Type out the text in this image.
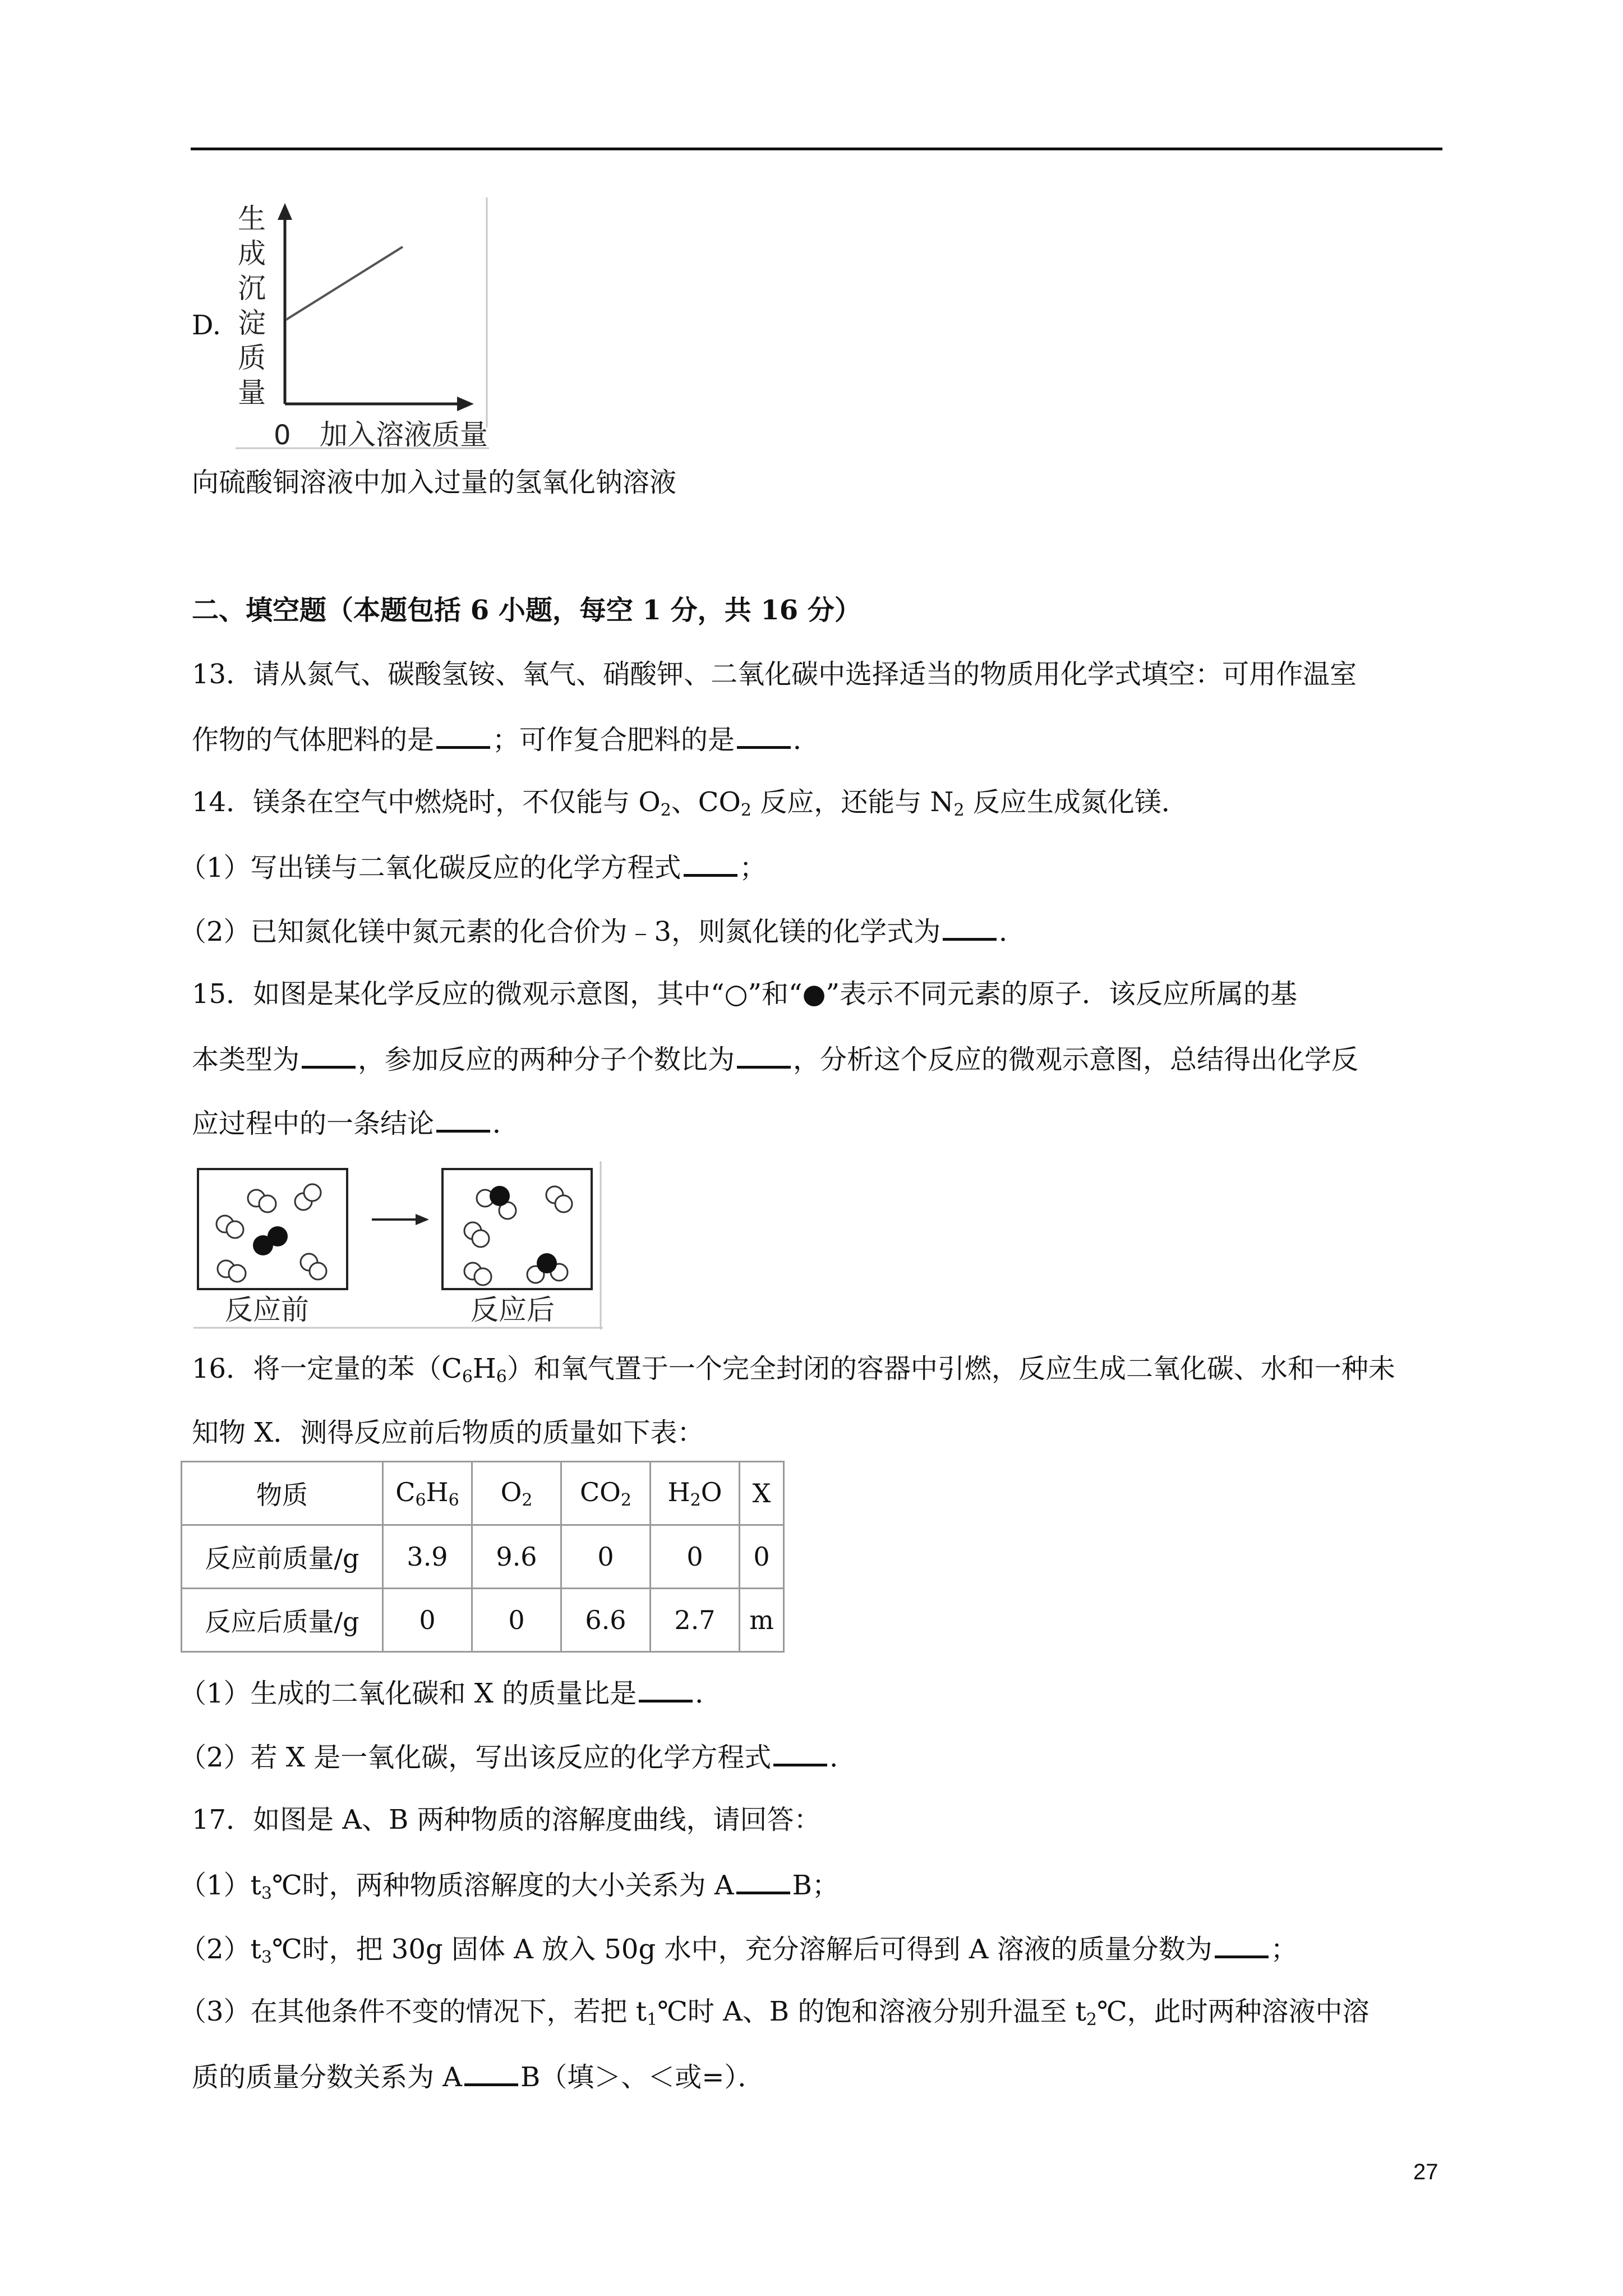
D.
0 加入溶液质量
生
成
沉
淀
质
量
向硫酸铜溶液中加入过量的氢氧化钠溶液
二、填空题（本题包括 6 小题，每空 1 分，共 16 分）
13．请从氮气、碳酸氢铵、氧气、硝酸钾、二氧化碳中选择适当的物质用化学式填空：可用作温室
作物的气体肥料的是 ；可作复合肥料的是 ．
14．镁条在空气中燃烧时，不仅能与 $O_2$、$CO_2$ 反应，还能与 $N_2$ 反应生成氮化镁．
（1）写出镁与二氧化碳反应的化学方程式 ；
（2）已知氮化镁中氮元素的化合价为﹣3，则氮化镁的化学式为 ．
15．如图是某化学反应的微观示意图，其中“○”和“●”表示不同元素的原子．该反应所属的基
本类型为 ，参加反应的两种分子个数比为 ，分析这个反应的微观示意图，总结得出化学反
应过程中的一条结论 ．
反应前	反应后
16．将一定量的苯$(C_6H_6)$和氧气置于一个完全封闭的容器中引燃，反应生成二氧化碳、水和一种未
知物 X．测得反应前后物质的质量如下表：
物质	$C_6H_6$	$O_2$	$CO_2$	$H_2O$	X
反应前质量/g	3.9	9.6	0	0	0
反应后质量/g	0	0	6.6	2.7	m
（1）生成的二氧化碳和 X 的质量比是 ．
（2）若 X 是一氧化碳，写出该反应的化学方程式 ．
17．如图是 A、B 两种物质的溶解度曲线，请回答：
$(1)t_3℃$时，两种物质溶解度的大小关系为 A B；
$(2)t_3℃$时，把 30g 固体 A 放入 50g 水中，充分溶解后可得到 A 溶液的质量分数为 ；
（3）在其他条件不变的情况下，若把 $t_1℃$时 A、B 的饱和溶液分别升温至 $t_2℃$，此时两种溶液中溶
质的质量分数关系为 A B（填＞、＜或=）．
27
